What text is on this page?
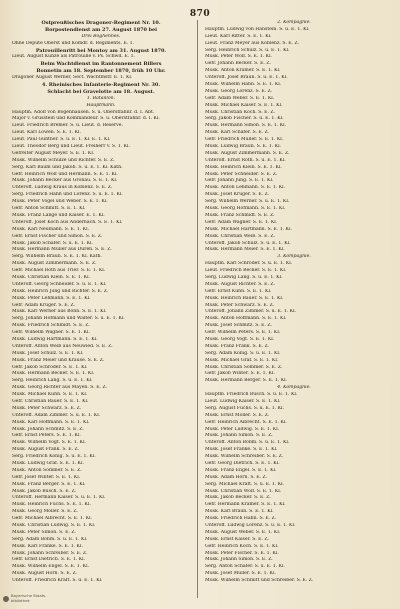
870
Ostpreußisches Dragoner-Regiment Nr. 10.
Borpostendienst am 27. August 1870 bei
Drei Boghennes.
Ohne Deputé Oberst und Komdr. d. Regiments. E. 1.
Patrouillenritt bei Montoy am 31. August 1870.
Lieut. August Kunze als Patrouille v. Ps. Schwd. E. 1.
Beim Wachtdienst im Rantonnement Billers
Bonnetin am 18. September 1870, früh 10 Uhr.
Dragoner August Werner, Sect. Wachtmstr. E. 1. Kl.
4. Rheinisches Infanterie-Regiment Nr. 30.
Schlacht bei Gravelotte am 18. August.
1. Bataillon.
Hauptmann.
Hauptm. Adolf von Bogenhausen. S. u. Oberstfähnr. d. I. Abt.
Major v. Grüsstein und Kommandeur. S. u. Oberstfähnr. d. I. Kl.
Lieut. Friedrich Bremer. S. u. Lieut. d. Reserve.
Lieut. Karl Löwen. S. E. 1. Kl.
Lieut. Paul Günther. S. u. E. 1. Kl. E. 1. Kl.
Lieut. Theodor Berg und Lieut. Freiherr v. S. 1. Kl.
Gefreiter August Meyer. S. E. 1. Kl.
Musk. Wilhelm Schulze und Richter. S. E. Z.
Serg. Karl Baum und Jakob. S. u. E. 1. Kl. Kath.
Gefr. Heinrich Wolf und Hermann. S. E. 1. Kl.
Musk. Johann Becker aus Gronau. S. E. 1. Kl.
Unteroff. Ludwig Kraus in Koblenz. S. E. Z.
Serg. Friedrich Hahn und Lorenz. S. u. E. 1. Kl.
Musk. Peter Vogel und Weber. S. E. 1. Kl.
Gefr. Anton Schmitt. S. E. 1. Kl.
Musk. Franz Lange und Kaiser. E. 1. Kl.
Unteroff. Josef Koch aus Andernach. S. E. 1. Kl.
Musk. Karl Neumann. S. E. 1. Kl.
Gefr. Ernst Fischer und Simon. S. E. Z.
Musk. Jakob Schäfer. S. u. E. 1. Kl.
Musk. Hermann Müller aus Düren. S. E. Z.
Serg. Wilhelm Braun. S. E. 1. Kl. Kath.
Musk. August Zimmermann. S. E. Z.
Gefr. Michael Roth aus Trier. S. E. 1. Kl.
Musk. Christian Klein. S. E. 1. Kl.
Unteroff. Georg Schneider. S. u. E. 1. Kl.
Musk. Heinrich Jung und Richter. S. E. Z.
Musk. Peter Lehmann. S. E. 1. Kl.
Gefr. Adam Krüger. S. E. Z.
Musk. Karl Werner aus Bonn. S. E. 1. Kl.
Serg. Johann Hofmann und Walter. S. u. E. 1. Kl.
Musk. Friedrich Schmidt. S. E. Z.
Gefr. Wilhelm Wagner. S. E. 1. Kl.
Musk. Ludwig Hartmann. S. E. 1. Kl.
Unteroff. Anton Weiß aus Neuwied. S. E. Z.
Musk. Josef Schulz. S. E. 1. Kl.
Musk. Franz Meier und Krause. S. E. Z.
Gefr. Jakob Schröder. S. E. 1. Kl.
Musk. Hermann Becker. S. E. 1. Kl.
Serg. Heinrich Lang. S. u. E. 1. Kl.
Musk. Georg Richter aus Mayen. S. E. Z.
Musk. Michael Kühn. S. E. 1. Kl.
Gefr. Christian Bauer. S. E. 1. Kl.
Musk. Peter Schwarz. S. E. Z.
Unteroff. Adam Zimmer. S. u. E. 1. Kl.
Musk. Karl Hoffmann. S. E. 1. Kl.
Musk. Johann Schmitz. S. E. Z.
Gefr. Ernst Peters. S. E. 1. Kl.
Musk. Wilhelm Vogt. S. E. 1. Kl.
Musk. August Frank. S. E. Z.
Serg. Friedrich König. S. u. E. 1. Kl.
Musk. Ludwig Graf. S. E. 1. Kl.
Musk. Anton Sommer. S. E. Z.
Gefr. Josef Winter. S. E. 1. Kl.
Musk. Franz Berger. S. E. 1. Kl.
Musk. Jakob Busch. S. E. Z.
Unteroff. Hermann Kaiser. S. u. E. 1. Kl.
Musk. Heinrich Fuchs. S. E. 1. Kl.
Musk. Georg Möller. S. E. Z.
Gefr. Michael Albrecht. S. E. 1. Kl.
Musk. Christian Ludwig. S. E. 1. Kl.
Musk. Peter Simon. S. E. Z.
Serg. Adam Böhm. S. u. E. 1. Kl.
Musk. Karl Franke. S. E. 1. Kl.
Musk. Johann Schreiber. S. E. Z.
Gefr. Ernst Dietrich. S. E. 1. Kl.
Musk. Wilhelm Engel. S. E. 1. Kl.
Musk. August Horn. S. E. Z.
Unteroff. Friedrich Kraft. S. u. E. 1. Kl.
2. Kompagnie.
Hauptm. Ludwig von Hanstein. S. u. E. 1. Kl.
Lieut. Karl Ritter. S. E. 1. Kl.
Lieut. Franz Meyer aus Koblenz. S. E. Z.
Serg. Heinrich Schulz. S. u. E. 1. Kl.
Musk. Peter Wolf. S. E. 1. Kl.
Gefr. Johann Becker. S. E. Z.
Musk. Anton Krämer. S. E. 1. Kl.
Unteroff. Josef Braun. S. u. E. 1. Kl.
Musk. Wilhelm Hahn. S. E. 1. Kl.
Musk. Georg Lorenz. S. E. Z.
Gefr. Adam Weber. S. E. 1. Kl.
Musk. Michael Kaiser. S. E. 1. Kl.
Musk. Christian Koch. S. E. Z.
Serg. Jakob Fischer. S. u. E. 1. Kl.
Musk. Hermann Simon. S. E. 1. Kl.
Musk. Karl Schäfer. S. E. Z.
Gefr. Friedrich Müller. S. E. 1. Kl.
Musk. Ludwig Braun. S. E. 1. Kl.
Musk. August Zimmermann. S. E. Z.
Unteroff. Ernst Roth. S. u. E. 1. Kl.
Musk. Heinrich Klein. S. E. 1. Kl.
Musk. Peter Schneider. S. E. Z.
Gefr. Johann Jung. S. E. 1. Kl.
Musk. Anton Lehmann. S. E. 1. Kl.
Musk. Josef Krüger. S. E. Z.
Serg. Wilhelm Werner. S. u. E. 1. Kl.
Musk. Georg Hofmann. S. E. 1. Kl.
Musk. Franz Schmidt. S. E. Z.
Gefr. Adam Wagner. S. E. 1. Kl.
Musk. Michael Hartmann. S. E. 1. Kl.
Musk. Christian Weiß. S. E. Z.
Unteroff. Jakob Schulz. S. u. E. 1. Kl.
Musk. Hermann Meier. S. E. 1. Kl.
3. Kompagnie.
Hauptm. Karl Schröder. S. u. E. 1. Kl.
Lieut. Friedrich Becker. S. E. 1. Kl.
Serg. Ludwig Lang. S. u. E. 1. Kl.
Musk. August Richter. S. E. Z.
Gefr. Ernst Kühn. S. E. 1. Kl.
Musk. Heinrich Bauer. S. E. 1. Kl.
Musk. Peter Schwarz. S. E. Z.
Unteroff. Johann Zimmer. S. u. E. 1. Kl.
Musk. Anton Hoffmann. S. E. 1. Kl.
Musk. Josef Schmitz. S. E. Z.
Gefr. Wilhelm Peters. S. E. 1. Kl.
Musk. Georg Vogt. S. E. 1. Kl.
Musk. Franz Frank. S. E. Z.
Serg. Adam König. S. u. E. 1. Kl.
Musk. Michael Graf. S. E. 1. Kl.
Musk. Christian Sommer. S. E. Z.
Gefr. Jakob Winter. S. E. 1. Kl.
Musk. Hermann Berger. S. E. 1. Kl.
4. Kompagnie.
Hauptm. Friedrich Busch. S. u. E. 1. Kl.
Lieut. Ludwig Kaiser. S. E. 1. Kl.
Serg. August Fuchs. S. u. E. 1. Kl.
Musk. Ernst Möller. S. E. Z.
Gefr. Heinrich Albrecht. S. E. 1. Kl.
Musk. Peter Ludwig. S. E. 1. Kl.
Musk. Johann Simon. S. E. Z.
Unteroff. Anton Böhm. S. u. E. 1. Kl.
Musk. Josef Franke. S. E. 1. Kl.
Musk. Wilhelm Schreiber. S. E. Z.
Gefr. Georg Dietrich. S. E. 1. Kl.
Musk. Franz Engel. S. E. 1. Kl.
Musk. Adam Horn. S. E. Z.
Serg. Michael Kraft. S. u. E. 1. Kl.
Musk. Christian Wolf. S. E. 1. Kl.
Musk. Jakob Becker. S. E. Z.
Gefr. Hermann Krämer. S. E. 1. Kl.
Musk. Karl Braun. S. E. 1. Kl.
Musk. Friedrich Hahn. S. E. Z.
Unteroff. Ludwig Lorenz. S. u. E. 1. Kl.
Musk. August Weber. S. E. 1. Kl.
Musk. Ernst Kaiser. S. E. Z.
Gefr. Heinrich Koch. S. E. 1. Kl.
Musk. Peter Fischer. S. E. 1. Kl.
Musk. Johann Simon. S. E. Z.
Serg. Anton Schäfer. S. u. E. 1. Kl.
Musk. Josef Müller. S. E. 1. Kl.
Musk. Wilhelm Schmitt und Schreiber. S. E. Z.
Bayerische Staats-
bibliothek
